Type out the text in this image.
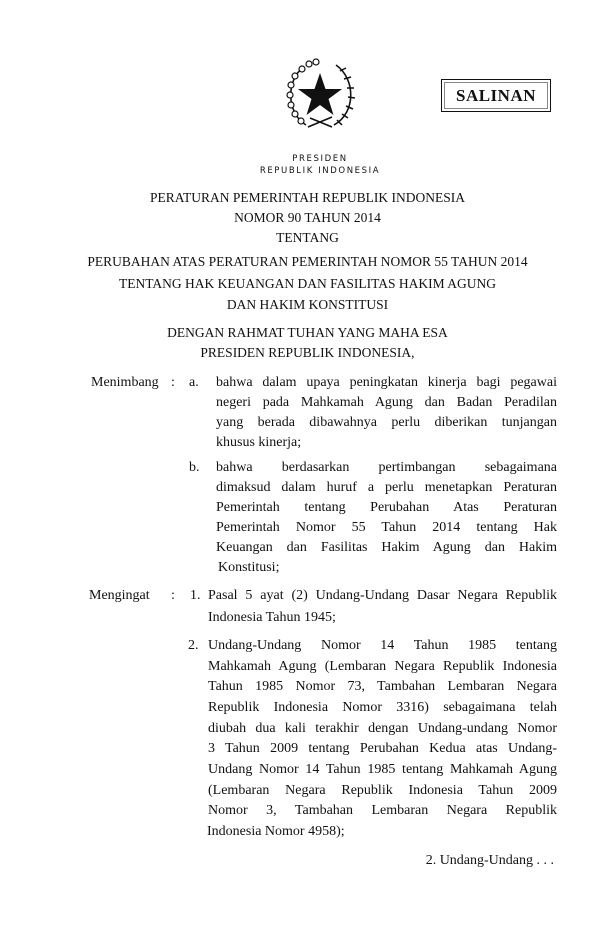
SALINAN
PRESIDEN
REPUBLIK INDONESIA
PERATURAN PEMERINTAH REPUBLIK INDONESIA
NOMOR 90 TAHUN 2014
TENTANG
PERUBAHAN ATAS PERATURAN PEMERINTAH NOMOR 55 TAHUN 2014
TENTANG HAK KEUANGAN DAN FASILITAS HAKIM AGUNG
DAN HAKIM KONSTITUSI
DENGAN RAHMAT TUHAN YANG MAHA ESA
PRESIDEN REPUBLIK INDONESIA,
Menimbang : a. bahwa dalam upaya peningkatan kinerja bagi pegawai
negeri pada Mahkamah Agung dan Badan Peradilan
yang berada dibawahnya perlu diberikan tunjangan
khusus kinerja;
b. bahwa berdasarkan pertimbangan sebagaimana
dimaksud dalam huruf a perlu menetapkan Peraturan
Pemerintah tentang Perubahan Atas Peraturan
Pemerintah Nomor 55 Tahun 2014 tentang Hak
Keuangan dan Fasilitas Hakim Agung dan Hakim
Konstitusi;
Mengingat : 1. Pasal 5 ayat (2) Undang-Undang Dasar Negara Republik
Indonesia Tahun 1945;
2. Undang-Undang Nomor 14 Tahun 1985 tentang
Mahkamah Agung (Lembaran Negara Republik Indonesia
Tahun 1985 Nomor 73, Tambahan Lembaran Negara
Republik Indonesia Nomor 3316) sebagaimana telah
diubah dua kali terakhir dengan Undang-undang Nomor
3 Tahun 2009 tentang Perubahan Kedua atas Undang-
Undang Nomor 14 Tahun 1985 tentang Mahkamah Agung
(Lembaran Negara Republik Indonesia Tahun 2009
Nomor 3, Tambahan Lembaran Negara Republik
Indonesia Nomor 4958);
2. Undang-Undang . . .
